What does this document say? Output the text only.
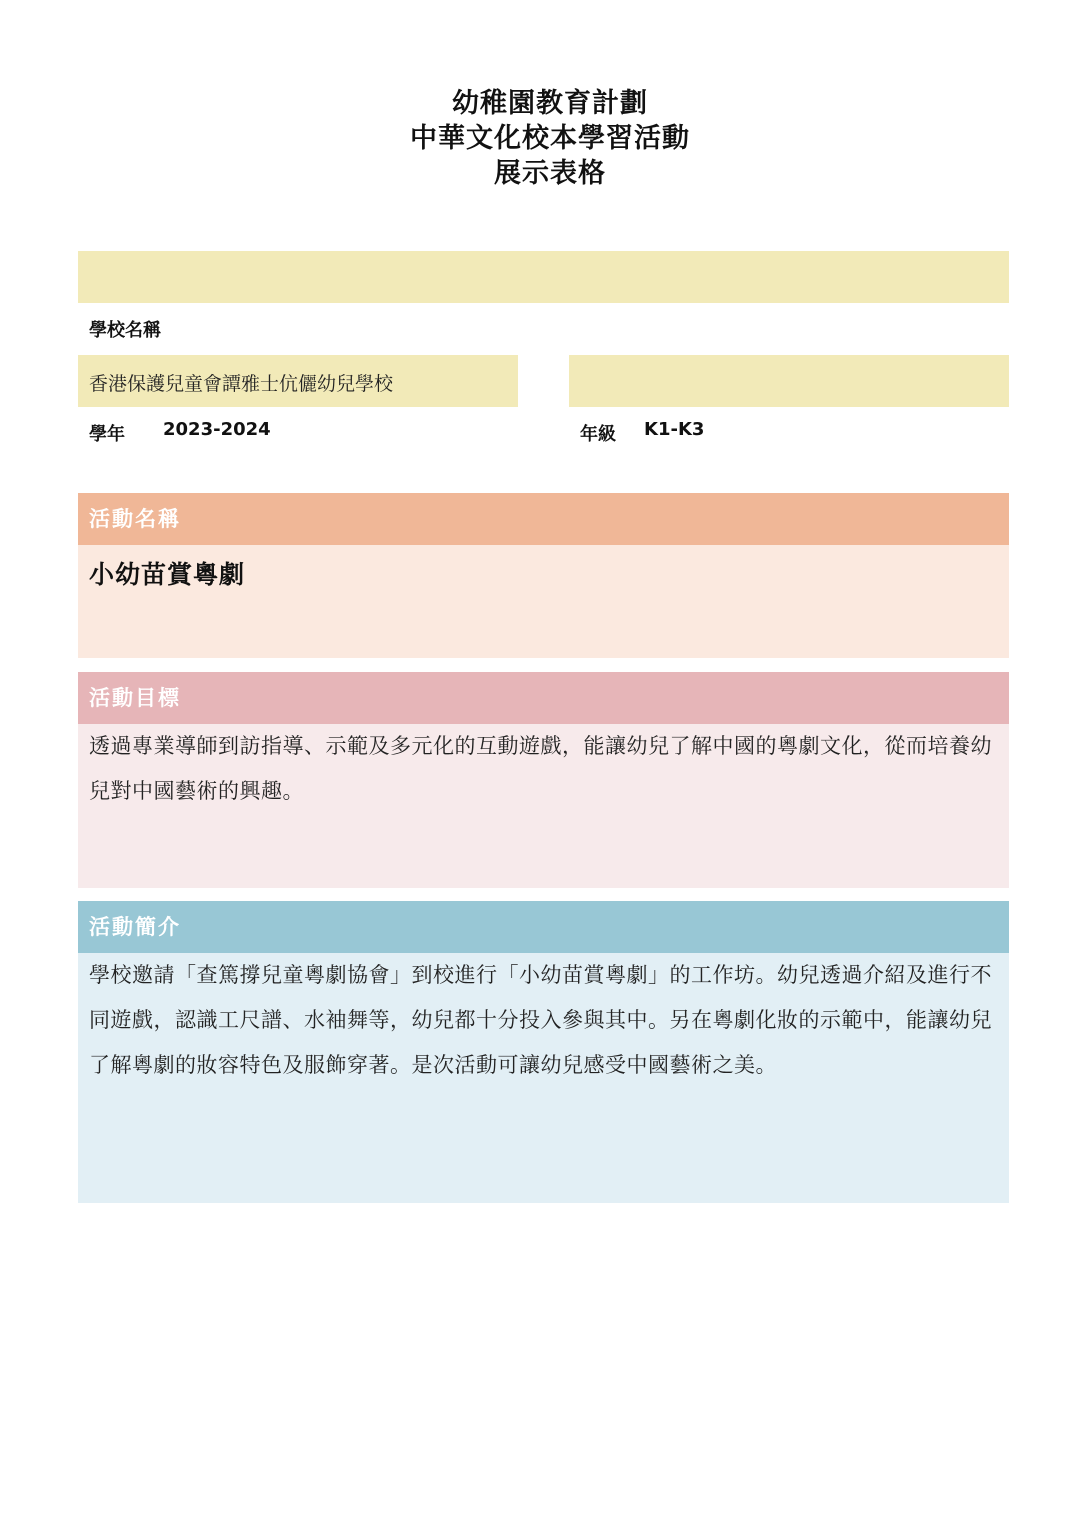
幼稚園教育計劃
中華文化校本學習活動
展示表格
學校名稱
香港保護兒童會譚雅士伉儷幼兒學校
學年 2023-2024	年級 K1-K3
活動名稱
小幼苗賞粵劇
活動目標
透過專業導師到訪指導、示範及多元化的互動遊戲，能讓幼兒了解中國的粵劇文化，從而培養幼兒對中國藝術的興趣。
活動簡介
學校邀請「查篤撐兒童粵劇協會」到校進行「小幼苗賞粵劇」的工作坊。幼兒透過介紹及進行不同遊戲，認識工尺譜、水袖舞等，幼兒都十分投入參與其中。另在粵劇化妝的示範中，能讓幼兒了解粵劇的妝容特色及服飾穿著。是次活動可讓幼兒感受中國藝術之美。
